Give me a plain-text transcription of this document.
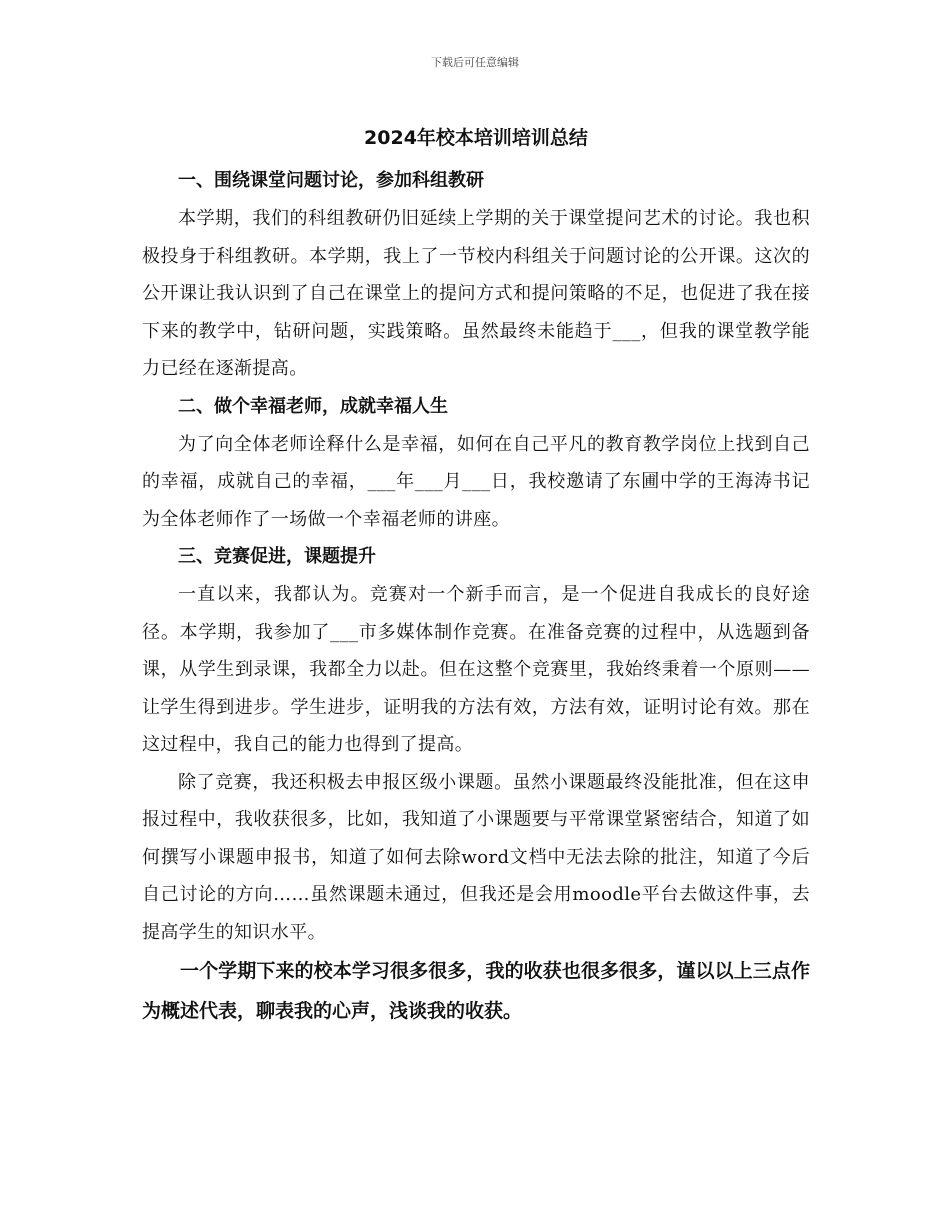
下载后可任意编辑
2024年校本培训培训总结

一、围绕课堂问题讨论，参加科组教研

本学期，我们的科组教研仍旧延续上学期的关于课堂提问艺术的讨论。我也积极投身于科组教研。本学期，我上了一节校内科组关于问题讨论的公开课。这次的公开课让我认识到了自己在课堂上的提问方式和提问策略的不足，也促进了我在接下来的教学中，钻研问题，实践策略。虽然最终未能趋于___，但我的课堂教学能力已经在逐渐提高。

二、做个幸福老师，成就幸福人生

为了向全体老师诠释什么是幸福，如何在自己平凡的教育教学岗位上找到自己的幸福，成就自己的幸福，___年___月___日，我校邀请了东圃中学的王海涛书记为全体老师作了一场做一个幸福老师的讲座。

三、竞赛促进，课题提升

一直以来，我都认为。竞赛对一个新手而言，是一个促进自我成长的良好途径。本学期，我参加了___市多媒体制作竞赛。在准备竞赛的过程中，从选题到备课，从学生到录课，我都全力以赴。但在这整个竞赛里，我始终秉着一个原则——让学生得到进步。学生进步，证明我的方法有效，方法有效，证明讨论有效。那在这过程中，我自己的能力也得到了提高。

除了竞赛，我还积极去申报区级小课题。虽然小课题最终没能批准，但在这申报过程中，我收获很多，比如，我知道了小课题要与平常课堂紧密结合，知道了如何撰写小课题申报书，知道了如何去除word文档中无法去除的批注，知道了今后自己讨论的方向……虽然课题未通过，但我还是会用moodle平台去做这件事，去提高学生的知识水平。

一个学期下来的校本学习很多很多，我的收获也很多很多，谨以以上三点作为概述代表，聊表我的心声，浅谈我的收获。
